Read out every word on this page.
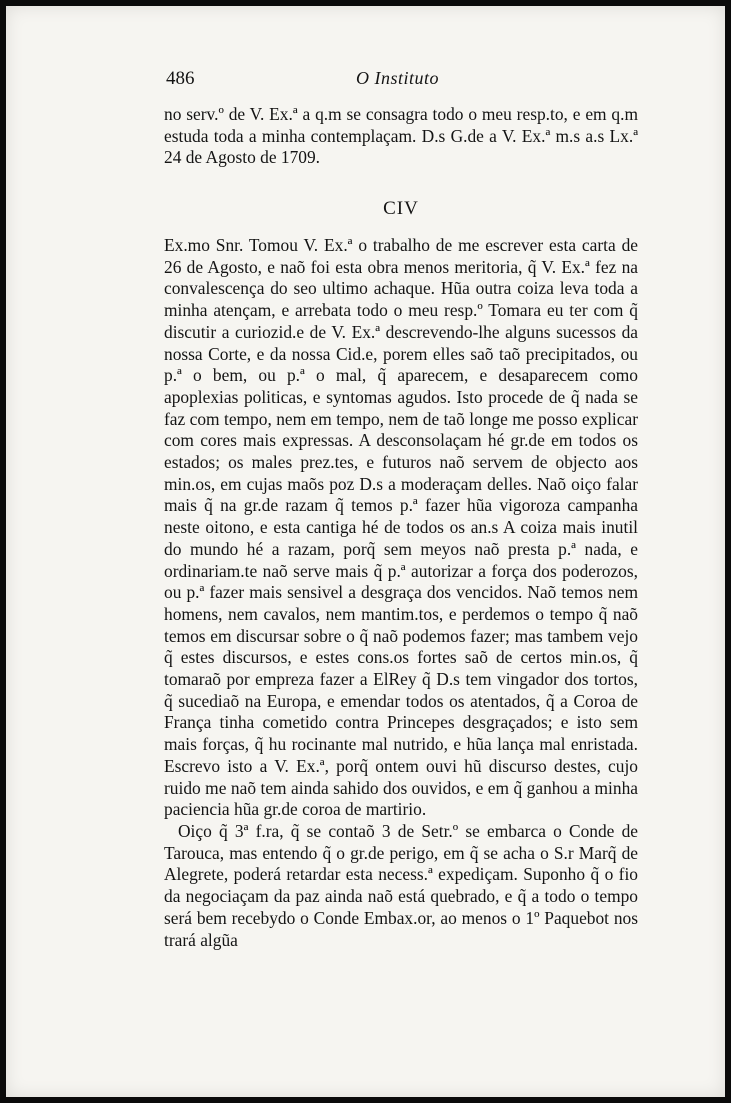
486	O Instituto

no serv.º de V. Ex.ª a q.m se consagra todo o meu resp.to, e em q.m estuda toda a minha contemplaçam. D.s G.de a V. Ex.ª m.s a.s Lx.ª 24 de Agosto de 1709.

CIV

Ex.mo Snr. Tomou V. Ex.ª o trabalho de me escrever esta carta de 26 de Agosto, e naõ foi esta obra menos meritoria, q̃ V. Ex.ª fez na convalescença do seo ultimo achaque. Hũa outra coiza leva toda a minha atençam, e arrebata todo o meu resp.º Tomara eu ter com q̃ discutir a curiozid.e de V. Ex.ª descrevendo-lhe alguns sucessos da nossa Corte, e da nossa Cid.e, porem elles saõ taõ precipitados, ou p.ª o bem, ou p.ª o mal, q̃ aparecem, e desaparecem como apoplexias politicas, e syntomas agudos. Isto procede de q̃ nada se faz com tempo, nem em tempo, nem de taõ longe me posso explicar com cores mais expressas. A desconsolaçam hé gr.de em todos os estados; os males prez.tes, e futuros naõ servem de objecto aos min.os, em cujas maõs poz D.s a moderaçam delles. Naõ oiço falar mais q̃ na gr.de razam q̃ temos p.ª fazer hũa vigoroza campanha neste oitono, e esta cantiga hé de todos os an.s A coiza mais inutil do mundo hé a razam, porq̃ sem meyos naõ presta p.ª nada, e ordinariam.te naõ serve mais q̃ p.ª autorizar a força dos poderozos, ou p.ª fazer mais sensivel a desgraça dos vencidos. Naõ temos nem homens, nem cavalos, nem mantim.tos, e perdemos o tempo q̃ naõ temos em discursar sobre o q̃ naõ podemos fazer; mas tambem vejo q̃ estes discursos, e estes cons.os fortes saõ de certos min.os, q̃ tomaraõ por empreza fazer a ElRey q̃ D.s tem vingador dos tortos, q̃ sucediaõ na Europa, e emendar todos os atentados, q̃ a Coroa de França tinha cometido contra Princepes desgraçados; e isto sem mais forças, q̃ hu rocinante mal nutrido, e hũa lança mal enristada. Escrevo isto a V. Ex.ª, porq̃ ontem ouvi hũ discurso destes, cujo ruido me naõ tem ainda sahido dos ouvidos, e em q̃ ganhou a minha paciencia hũa gr.de coroa de martirio.

Oiço q̃ 3ª f.ra, q̃ se contaõ 3 de Setr.º se embarca o Conde de Tarouca, mas entendo q̃ o gr.de perigo, em q̃ se acha o S.r Marq̃ de Alegrete, poderá retardar esta necess.ª expediçam. Suponho q̃ o fio da negociaçam da paz ainda naõ está quebrado, e q̃ a todo o tempo será bem recebydo o Conde Embax.or, ao menos o 1º Paquebot nos trará algũa
